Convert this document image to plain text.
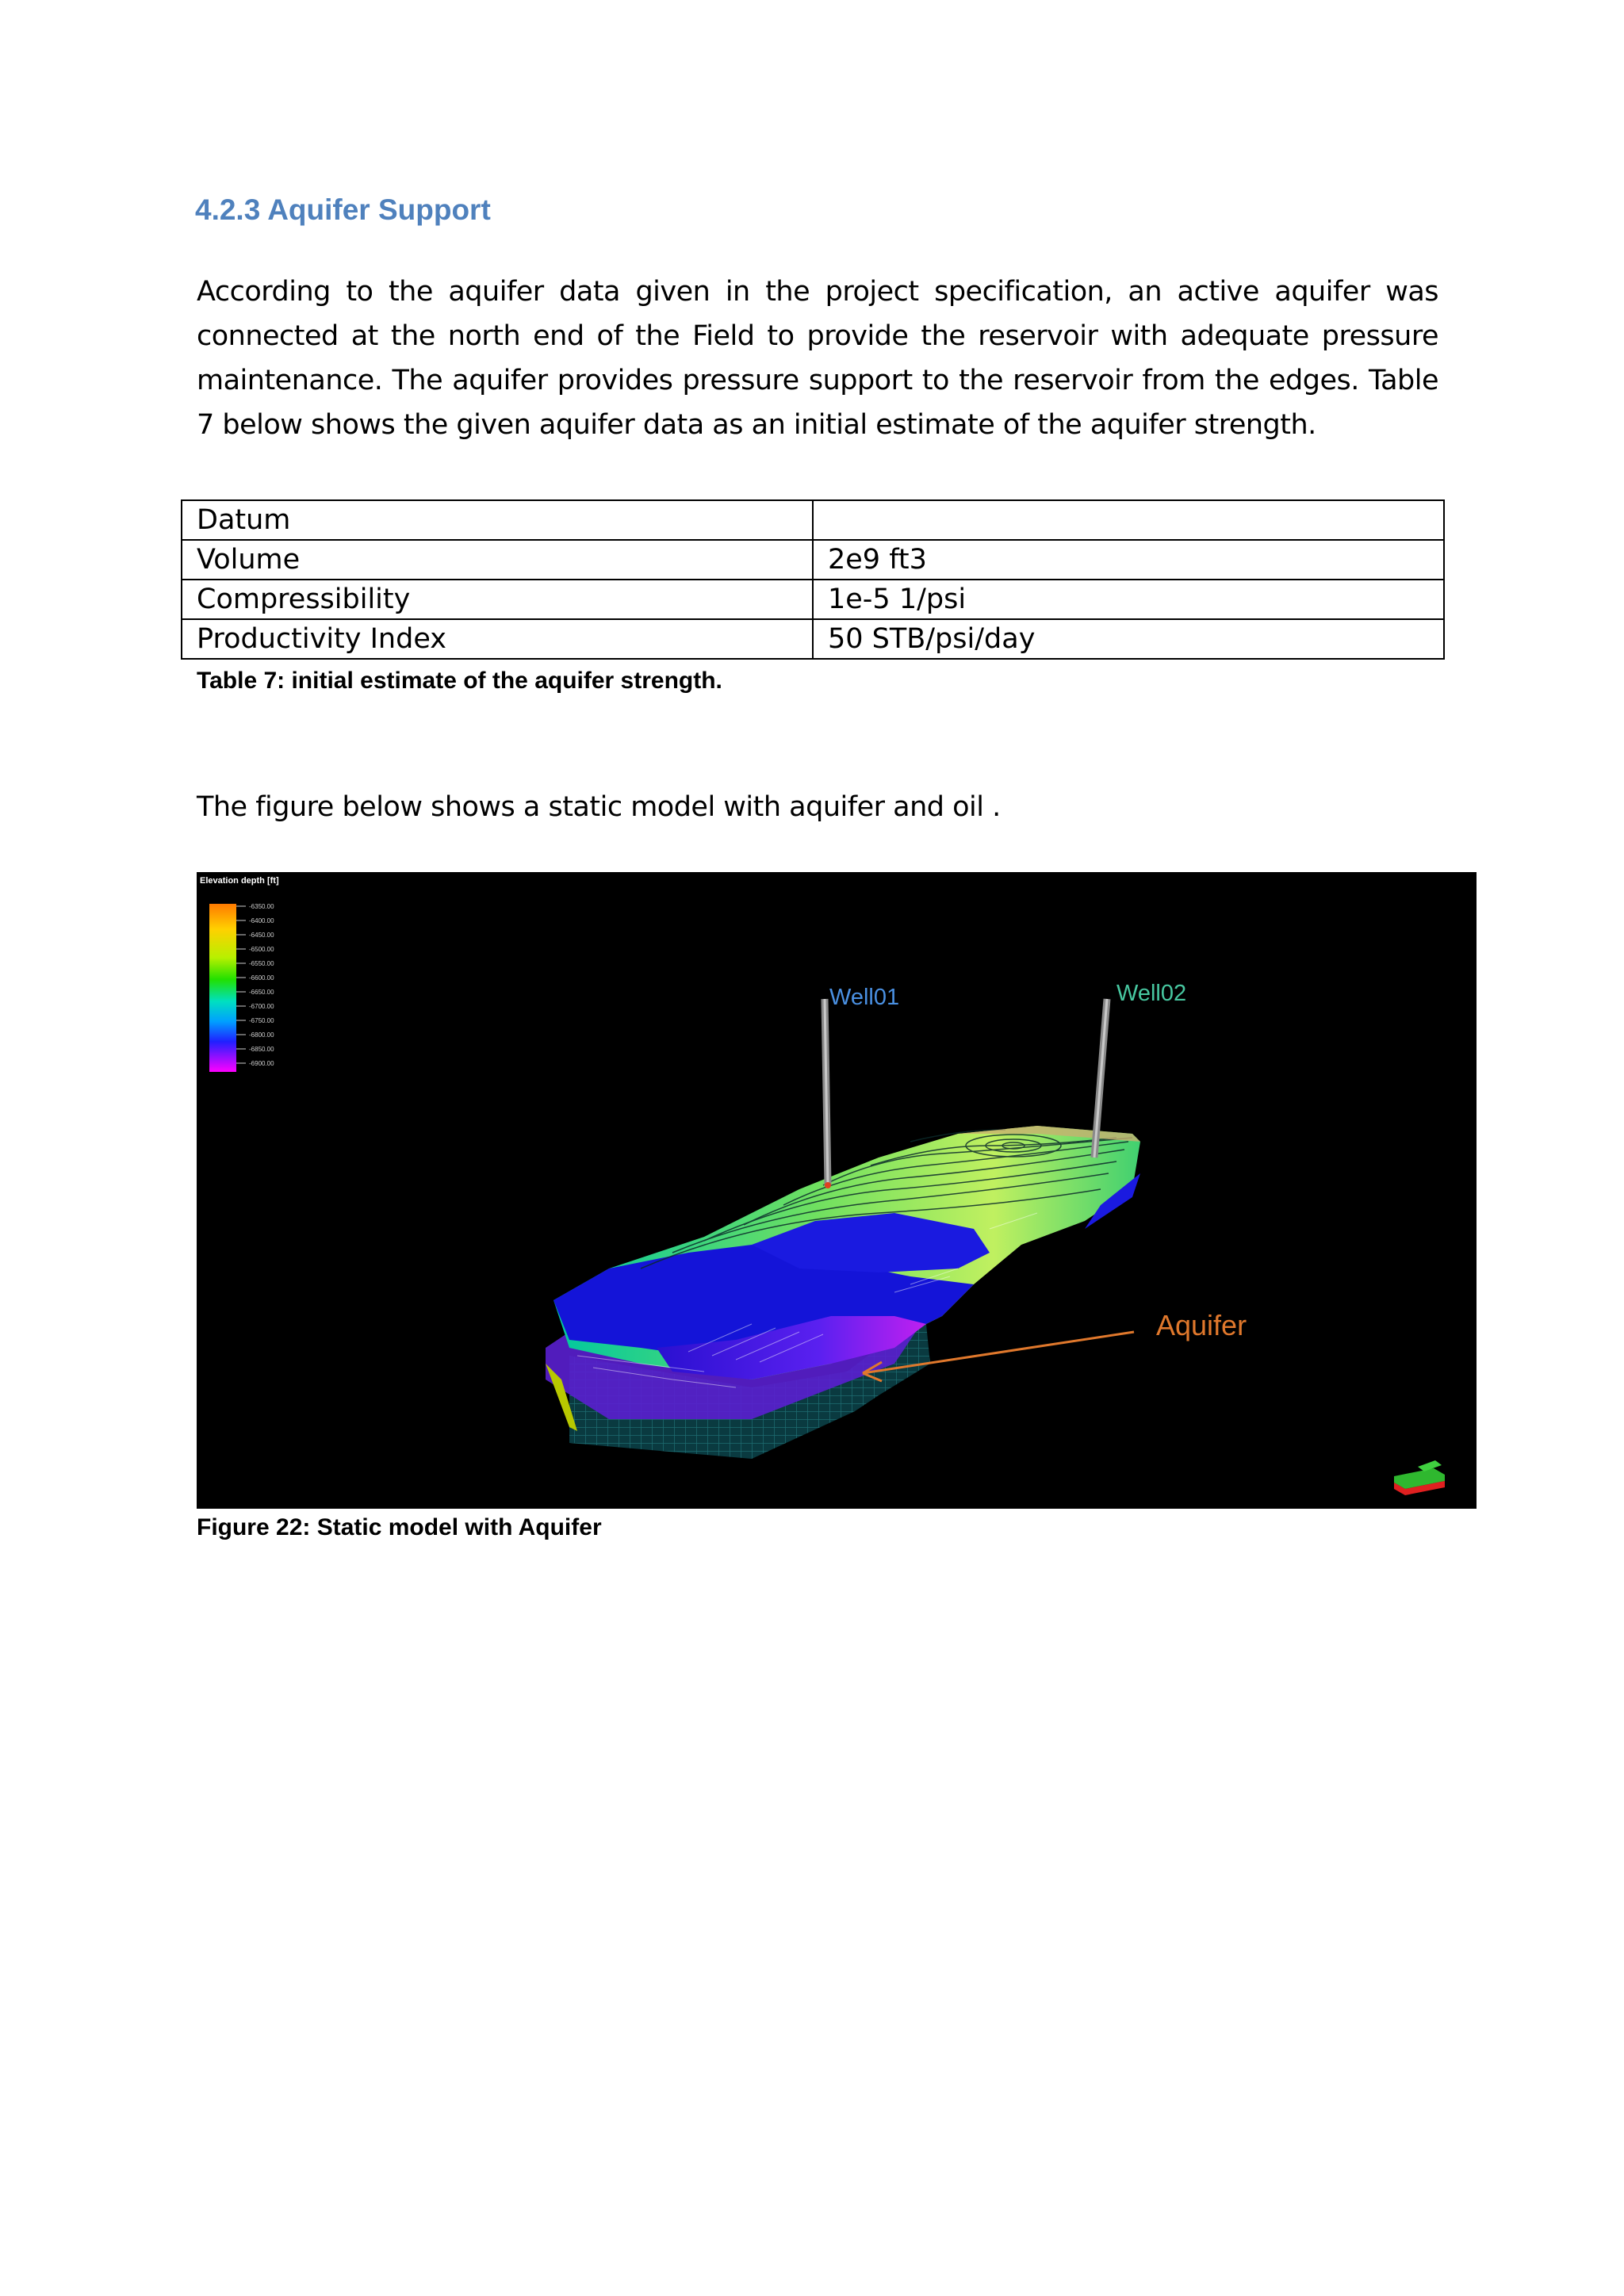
4.2.3 Aquifer Support

According to the aquifer data given in the project specification, an active aquifer was connected at the north end of the Field to provide the reservoir with adequate pressure maintenance. The aquifer provides pressure support to the reservoir from the edges. Table 7 below shows the given aquifer data as an initial estimate of the aquifer strength.

Datum	
Volume	2e9 ft3
Compressibility	1e-5 1/psi
Productivity Index	50 STB/psi/day

Table 7: initial estimate of the aquifer strength.

The figure below shows a static model with aquifer and oil .

Elevation depth [ft]
-6350.00
-6400.00
-6450.00
-6500.00
-6550.00
-6600.00
-6650.00
-6700.00
-6750.00
-6800.00
-6850.00
-6900.00
Well01	Well02
Aquifer

Figure 22: Static model with Aquifer
